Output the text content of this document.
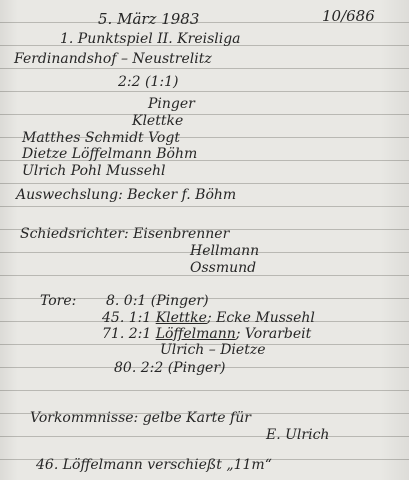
5. März 1983	10/686
1. Punktspiel II. Kreisliga
Ferdinandshof – Neustrelitz
2:2 (1:1)
Pinger
Klettke
Matthes Schmidt Vogt
Dietze Löffelmann Böhm
Ulrich Pohl Mussehl
Auswechslung: Becker f. Böhm
Schiedsrichter: Eisenbrenner
Hellmann
Ossmund
Tore: 8. 0:1 (Pinger)
45. 1:1 Klettke; Ecke Mussehl
71. 2:1 Löffelmann; Vorarbeit
Ulrich – Dietze
80. 2:2 (Pinger)
Vorkommnisse: gelbe Karte für
E. Ulrich
46. Löffelmann verschießt „11m“
